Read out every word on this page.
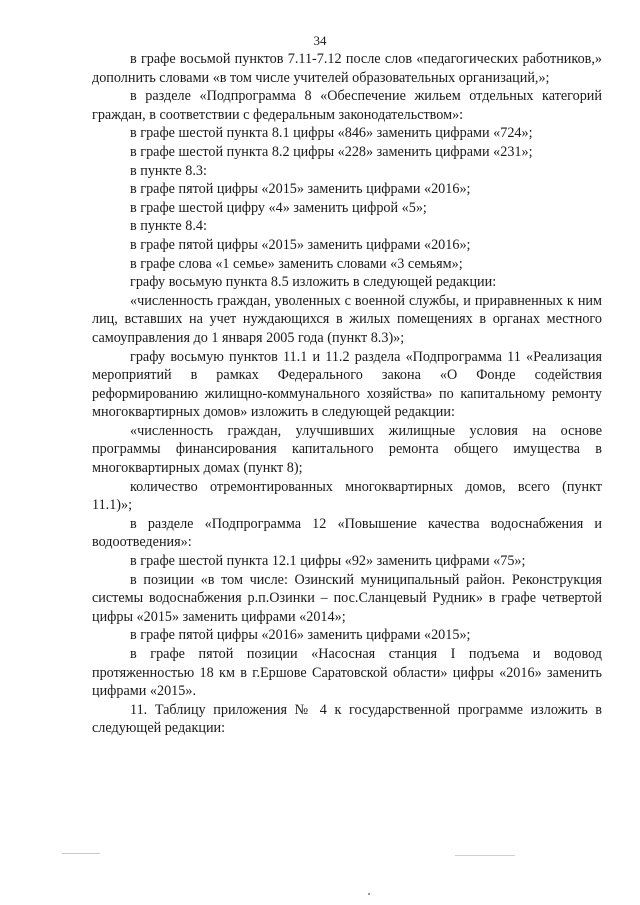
34

в графе восьмой пунктов 7.11-7.12 после слов «педагогических работников,» дополнить словами «в том числе учителей образовательных организаций,»;

в разделе «Подпрограмма 8 «Обеспечение жильем отдельных категорий граждан, в соответствии с федеральным законодательством»:

в графе шестой пункта 8.1 цифры «846» заменить цифрами «724»;

в графе шестой пункта 8.2 цифры «228» заменить цифрами «231»;

в пункте 8.3:

в графе пятой цифры «2015» заменить цифрами «2016»;

в графе шестой цифру «4» заменить цифрой «5»;

в пункте 8.4:

в графе пятой цифры «2015» заменить цифрами «2016»;

в графе слова «1 семье» заменить словами «3 семьям»;

графу восьмую пункта 8.5 изложить в следующей редакции:

«численность граждан, уволенных с военной службы, и приравненных к ним лиц, вставших на учет нуждающихся в жилых помещениях в органах местного самоуправления до 1 января 2005 года (пункт 8.3)»;

графу восьмую пунктов 11.1 и 11.2 раздела «Подпрограмма 11 «Реализация мероприятий в рамках Федерального закона «О Фонде содействия реформированию жилищно-коммунального хозяйства» по капитальному ремонту многоквартирных домов» изложить в следующей редакции:

«численность граждан, улучшивших жилищные условия на основе программы финансирования капитального ремонта общего имущества в многоквартирных домах (пункт 8);

количество отремонтированных многоквартирных домов, всего (пункт 11.1)»;

в разделе «Подпрограмма 12 «Повышение качества водоснабжения и водоотведения»:

в графе шестой пункта 12.1 цифры «92» заменить цифрами «75»;

в позиции «в том числе: Озинский муниципальный район. Реконструкция системы водоснабжения р.п.Озинки – пос.Сланцевый Рудник» в графе четвертой цифры «2015» заменить цифрами «2014»;

в графе пятой цифры «2016» заменить цифрами «2015»;

в графе пятой позиции «Насосная станция I подъема и водовод протяженностью 18 км в г.Ершове Саратовской области» цифры «2016» заменить цифрами «2015».

11. Таблицу приложения № 4 к государственной программе изложить в следующей редакции:
